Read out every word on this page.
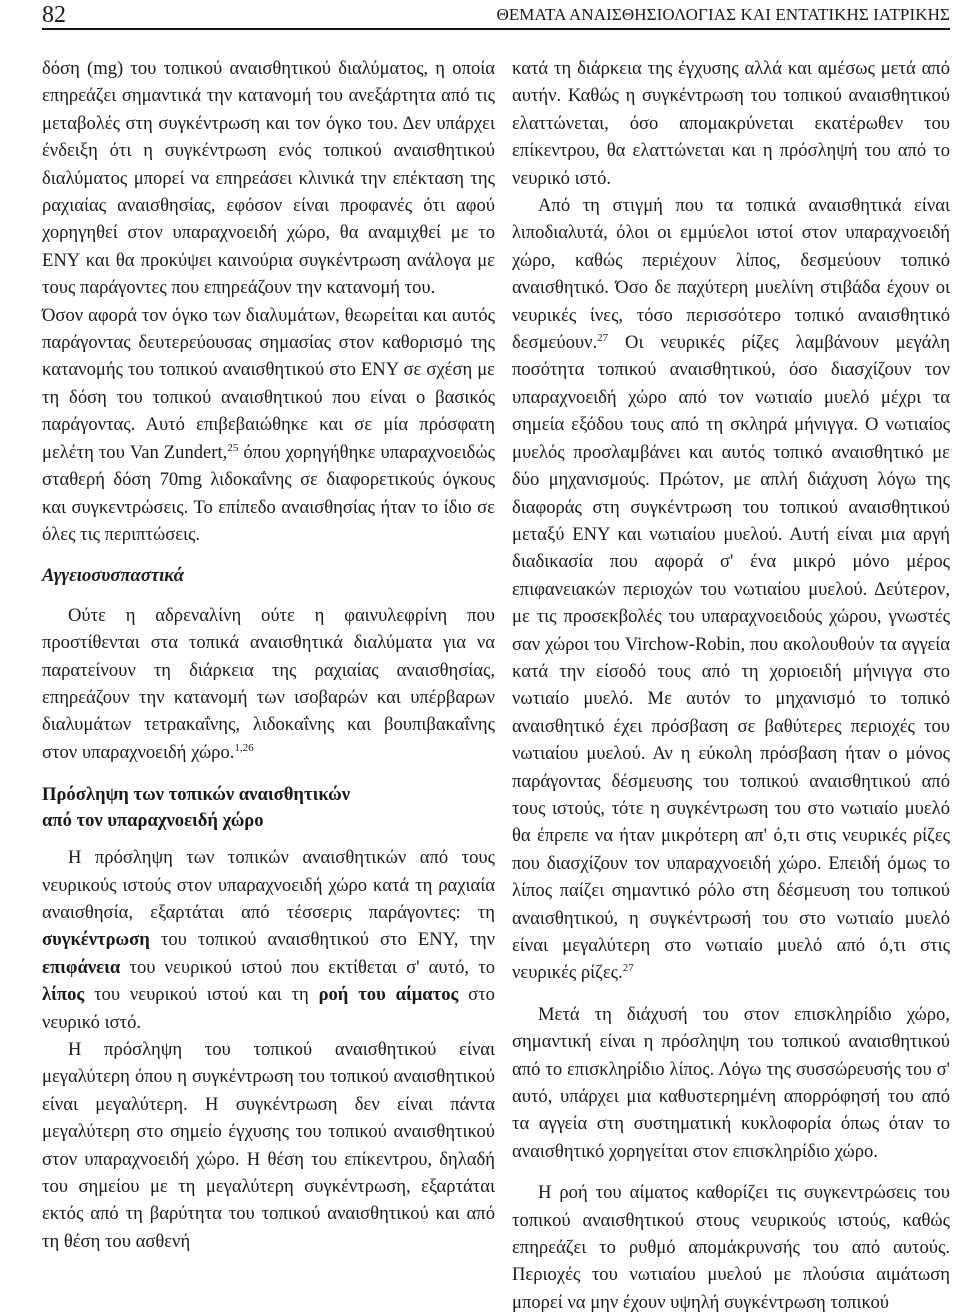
82	ΘΕΜΑΤΑ ΑΝΑΙΣΘΗΣΙΟΛΟΓΙΑΣ ΚΑΙ ΕΝΤΑΤΙΚΗΣ ΙΑΤΡΙΚΗΣ

δόση (mg) του τοπικού αναισθητικού διαλύματος, η οποία επηρεάζει σημαντικά την κατανομή του ανεξάρτητα από τις μεταβολές στη συγκέντρωση και τον όγκο του. Δεν υπάρχει ένδειξη ότι η συγκέντρωση ενός τοπικού αναισθητικού διαλύματος μπορεί να επηρεάσει κλινικά την επέκταση της ραχιαίας αναισθησίας, εφόσον είναι προφανές ότι αφού χορηγηθεί στον υπαραχνοειδή χώρο, θα αναμιχθεί με το ΕΝΥ και θα προκύψει καινούρια συγκέντρωση ανάλογα με τους παράγοντες που επηρεάζουν την κατανομή του.

Όσον αφορά τον όγκο των διαλυμάτων, θεωρείται και αυτός παράγοντας δευτερεύουσας σημασίας στον καθορισμό της κατανομής του τοπικού αναισθητικού στο ΕΝΥ σε σχέση με τη δόση του τοπικού αναισθητικού που είναι ο βασικός παράγοντας. Αυτό επιβεβαιώθηκε και σε μία πρόσφατη μελέτη του Van Zundert,$^{25}$ όπου χορηγήθηκε υπαραχνοειδώς σταθερή δόση 70mg λιδοκαΐνης σε διαφορετικούς όγκους και συγκεντρώσεις. Το επίπεδο αναισθησίας ήταν το ίδιο σε όλες τις περιπτώσεις.

Αγγειοσυσπαστικά

Ούτε η αδρεναλίνη ούτε η φαινυλεφρίνη που προστίθενται στα τοπικά αναισθητικά διαλύματα για να παρατείνουν τη διάρκεια της ραχιαίας αναισθησίας, επηρεάζουν την κατανομή των ισοβαρών και υπέρβαρων διαλυμάτων τετρακαΐνης, λιδοκαΐνης και βουπιβακαΐνης στον υπαραχνοειδή χώρο.$^{1,26}$

Πρόσληψη των τοπικών αναισθητικών
από τον υπαραχνοειδή χώρο

Η πρόσληψη των τοπικών αναισθητικών από τους νευρικούς ιστούς στον υπαραχνοειδή χώρο κατά τη ραχιαία αναισθησία, εξαρτάται από τέσσερις παράγοντες: τη συγκέντρωση του τοπικού αναισθητικού στο ΕΝΥ, την επιφάνεια του νευρικού ιστού που εκτίθεται σ' αυτό, το λίπος του νευρικού ιστού και τη ροή του αίματος στο νευρικό ιστό.

Η πρόσληψη του τοπικού αναισθητικού είναι μεγαλύτερη όπου η συγκέντρωση του τοπικού αναισθητικού είναι μεγαλύτερη. Η συγκέντρωση δεν είναι πάντα μεγαλύτερη στο σημείο έγχυσης του τοπικού αναισθητικού στον υπαραχνοειδή χώρο. Η θέση του επίκεντρου, δηλαδή του σημείου με τη μεγαλύτερη συγκέντρωση, εξαρτάται εκτός από τη βαρύτητα του τοπικού αναισθητικού και από τη θέση του ασθενή

κατά τη διάρκεια της έγχυσης αλλά και αμέσως μετά από αυτήν. Καθώς η συγκέντρωση του τοπικού αναισθητικού ελαττώνεται, όσο απομακρύνεται εκατέρωθεν του επίκεντρου, θα ελαττώνεται και η πρόσληψή του από το νευρικό ιστό.

Από τη στιγμή που τα τοπικά αναισθητικά είναι λιποδιαλυτά, όλοι οι εμμύελοι ιστοί στον υπαραχνοειδή χώρο, καθώς περιέχουν λίπος, δεσμεύουν τοπικό αναισθητικό. Όσο δε παχύτερη μυελίνη στιβάδα έχουν οι νευρικές ίνες, τόσο περισσότερο τοπικό αναισθητικό δεσμεύουν.$^{27}$ Οι νευρικές ρίζες λαμβάνουν μεγάλη ποσότητα τοπικού αναισθητικού, όσο διασχίζουν τον υπαραχνοειδή χώρο από τον νωτιαίο μυελό μέχρι τα σημεία εξόδου τους από τη σκληρά μήνιγγα. Ο νωτιαίος μυελός προσλαμβάνει και αυτός τοπικό αναισθητικό με δύο μηχανισμούς. Πρώτον, με απλή διάχυση λόγω της διαφοράς στη συγκέντρωση του τοπικού αναισθητικού μεταξύ ΕΝΥ και νωτιαίου μυελού. Αυτή είναι μια αργή διαδικασία που αφορά σ' ένα μικρό μόνο μέρος επιφανειακών περιοχών του νωτιαίου μυελού. Δεύτερον, με τις προσεκβολές του υπαραχνοειδούς χώρου, γνωστές σαν χώροι του Virchow-Robin, που ακολουθούν τα αγγεία κατά την είσοδό τους από τη χοριοειδή μήνιγγα στο νωτιαίο μυελό. Με αυτόν το μηχανισμό το τοπικό αναισθητικό έχει πρόσβαση σε βαθύτερες περιοχές του νωτιαίου μυελού. Αν η εύκολη πρόσβαση ήταν ο μόνος παράγοντας δέσμευσης του τοπικού αναισθητικού από τους ιστούς, τότε η συγκέντρωση του στο νωτιαίο μυελό θα έπρεπε να ήταν μικρότερη απ' ό,τι στις νευρικές ρίζες που διασχίζουν τον υπαραχνοειδή χώρο. Επειδή όμως το λίπος παίζει σημαντικό ρόλο στη δέσμευση του τοπικού αναισθητικού, η συγκέντρωσή του στο νωτιαίο μυελό είναι μεγαλύτερη στο νωτιαίο μυελό από ό,τι στις νευρικές ρίζες.$^{27}$

Μετά τη διάχυσή του στον επισκληρίδιο χώρο, σημαντική είναι η πρόσληψη του τοπικού αναισθητικού από το επισκληρίδιο λίπος. Λόγω της συσσώρευσής του σ' αυτό, υπάρχει μια καθυστερημένη απορρόφησή του από τα αγγεία στη συστηματική κυκλοφορία όπως όταν το αναισθητικό χορηγείται στον επισκληρίδιο χώρο.

Η ροή του αίματος καθορίζει τις συγκεντρώσεις του τοπικού αναισθητικού στους νευρικούς ιστούς, καθώς επηρεάζει το ρυθμό απομάκρυνσής του από αυτούς. Περιοχές του νωτιαίου μυελού με πλούσια αιμάτωση μπορεί να μην έχουν υψηλή συγκέντρωση τοπικού
